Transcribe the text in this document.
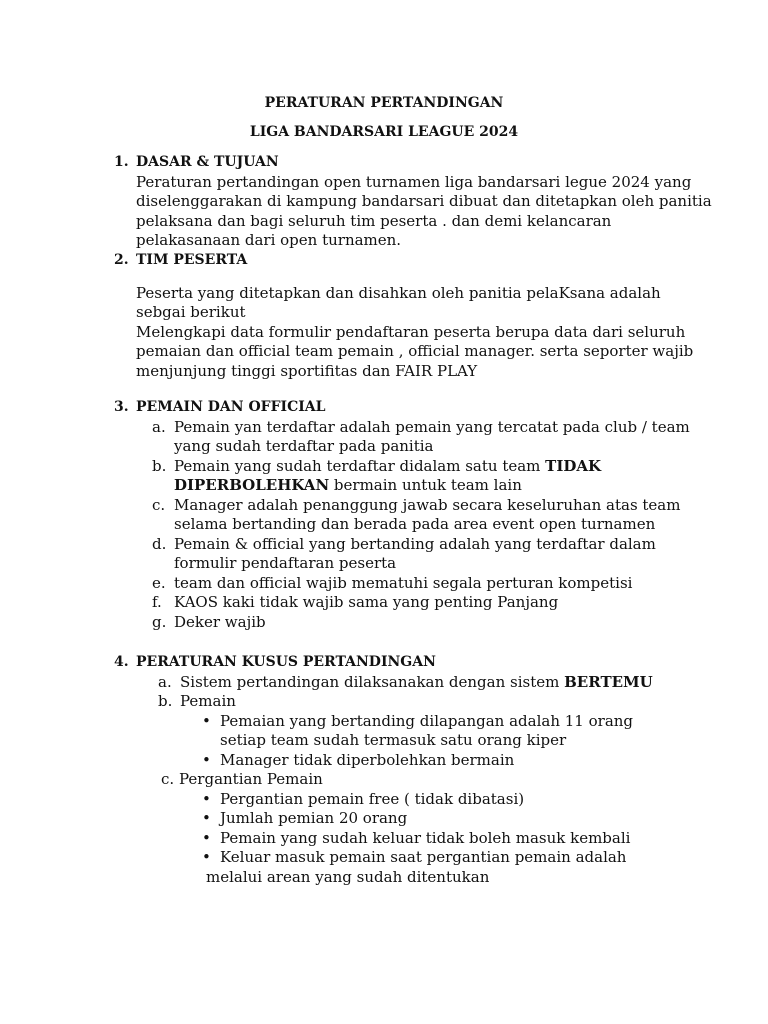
PERATURAN PERTANDINGAN
LIGA BANDARSARI LEAGUE 2024
1. DASAR & TUJUAN
Peraturan pertandingan open turnamen liga bandarsari legue 2024 yang diselenggarakan di kampung bandarsari dibuat dan ditetapkan oleh panitia pelaksana dan bagi seluruh tim peserta . dan demi kelancaran pelakasanaan dari open turnamen.
2. TIM PESERTA
Peserta yang ditetapkan dan disahkan oleh panitia pelaKsana adalah sebgai berikut
Melengkapi data formulir pendaftaran peserta berupa data dari seluruh pemaian dan official team pemain , official manager. serta seporter wajib menjunjung tinggi sportifitas dan FAIR PLAY
3. PEMAIN DAN OFFICIAL
a. Pemain yan terdaftar adalah pemain yang tercatat pada club / team yang sudah terdaftar pada panitia
b. Pemain yang sudah terdaftar didalam satu team TIDAK DIPERBOLEHKAN bermain untuk team lain
c. Manager adalah penanggung jawab secara keseluruhan atas team selama bertanding dan berada pada area event open turnamen
d. Pemain & official yang bertanding adalah yang terdaftar dalam formulir pendaftaran peserta
e. team dan official wajib mematuhi segala perturan kompetisi
f. KAOS kaki tidak wajib sama yang penting Panjang
g. Deker wajib
4. PERATURAN KUSUS PERTANDINGAN
a. Sistem pertandingan dilaksanakan dengan sistem BERTEMU
b. Pemain
• Pemaian yang bertanding dilapangan adalah 11 orang setiap team sudah termasuk satu orang kiper
• Manager tidak diperbolehkan bermain
c. Pergantian Pemain
• Pergantian pemain free ( tidak dibatasi)
• Jumlah pemian 20 orang
• Pemain yang sudah keluar tidak boleh masuk kembali
• Keluar masuk pemain saat pergantian pemain adalah
melalui arean yang sudah ditentukan
